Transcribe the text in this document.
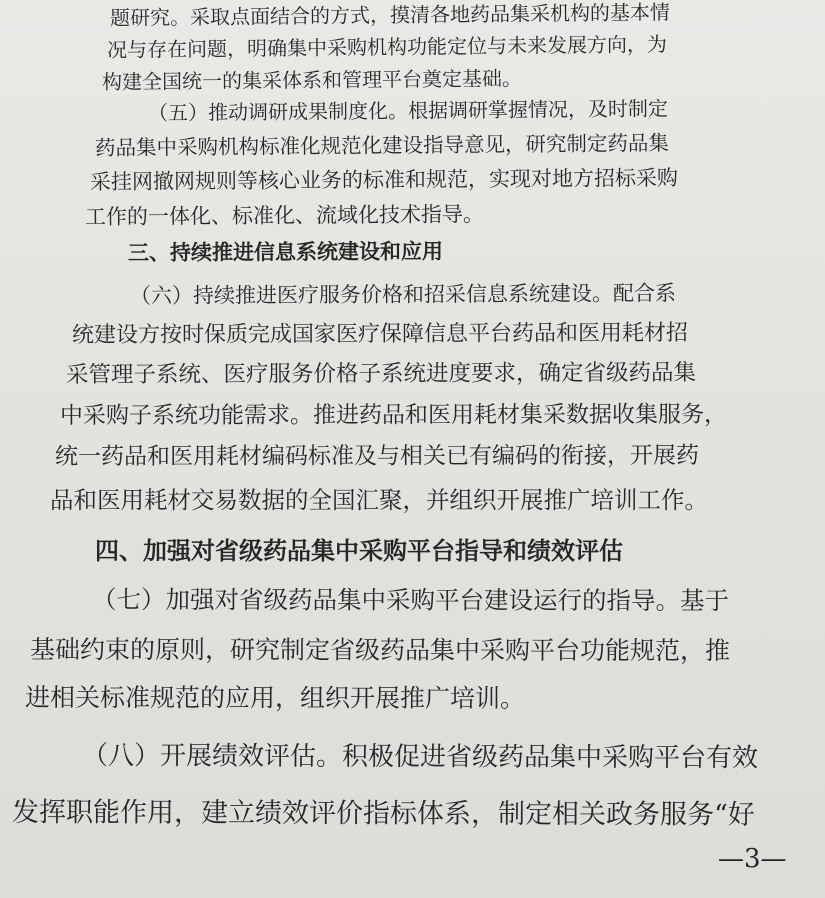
题研究。采取点面结合的方式，摸清各地药品集采机构的基本情
况与存在问题，明确集中采购机构功能定位与未来发展方向，为
构建全国统一的集采体系和管理平台奠定基础。
（五）推动调研成果制度化。根据调研掌握情况，及时制定
药品集中采购机构标准化规范化建设指导意见，研究制定药品集
采挂网撤网规则等核心业务的标准和规范，实现对地方招标采购
工作的一体化、标准化、流域化技术指导。
三、持续推进信息系统建设和应用
（六）持续推进医疗服务价格和招采信息系统建设。配合系
统建设方按时保质完成国家医疗保障信息平台药品和医用耗材招
采管理子系统、医疗服务价格子系统进度要求，确定省级药品集
中采购子系统功能需求。推进药品和医用耗材集采数据收集服务，
统一药品和医用耗材编码标准及与相关已有编码的衔接，开展药
品和医用耗材交易数据的全国汇聚，并组织开展推广培训工作。
四、加强对省级药品集中采购平台指导和绩效评估
（七）加强对省级药品集中采购平台建设运行的指导。基于
基础约束的原则，研究制定省级药品集中采购平台功能规范，推
进相关标准规范的应用，组织开展推广培训。
（八）开展绩效评估。积极促进省级药品集中采购平台有效
发挥职能作用，建立绩效评价指标体系，制定相关政务服务“好
—3—
